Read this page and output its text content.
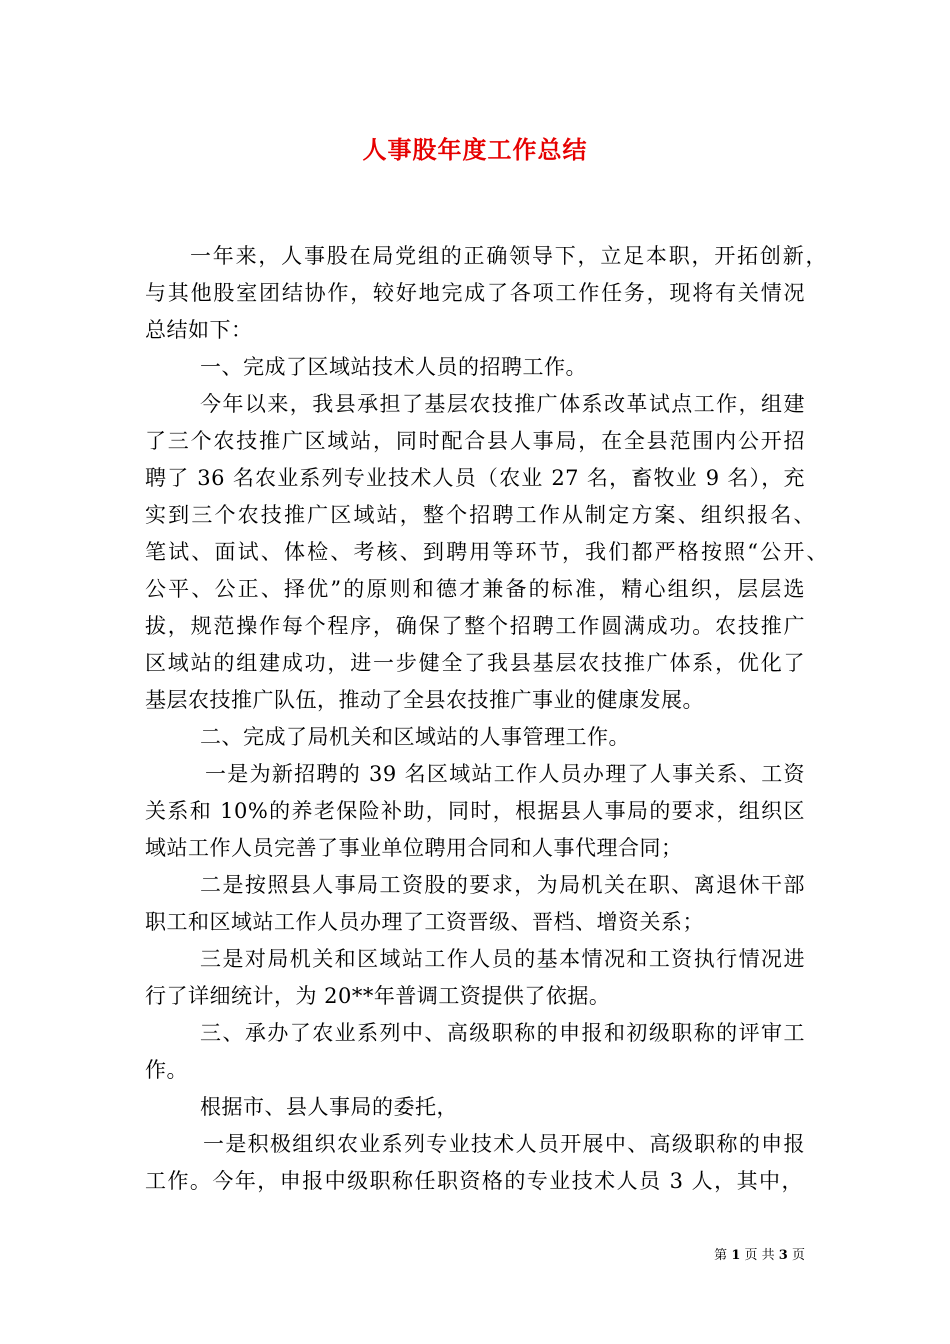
人事股年度工作总结
一年来，人事股在局党组的正确领导下，立足本职，开拓创新，
与其他股室团结协作，较好地完成了各项工作任务，现将有关情况
总结如下：
一、完成了区域站技术人员的招聘工作。
今年以来，我县承担了基层农技推广体系改革试点工作，组建
了三个农技推广区域站，同时配合县人事局，在全县范围内公开招
聘了 36 名农业系列专业技术人员（农业 27 名，畜牧业 9 名），充
实到三个农技推广区域站，整个招聘工作从制定方案、组织报名、
笔试、面试、体检、考核、到聘用等环节，我们都严格按照“公开、
公平、公正、择优”的原则和德才兼备的标准，精心组织，层层选
拔，规范操作每个程序，确保了整个招聘工作圆满成功。农技推广
区域站的组建成功，进一步健全了我县基层农技推广体系，优化了
基层农技推广队伍，推动了全县农技推广事业的健康发展。
二、完成了局机关和区域站的人事管理工作。
一是为新招聘的 39 名区域站工作人员办理了人事关系、工资
关系和 10%的养老保险补助，同时，根据县人事局的要求，组织区
域站工作人员完善了事业单位聘用合同和人事代理合同；
二是按照县人事局工资股的要求，为局机关在职、离退休干部
职工和区域站工作人员办理了工资晋级、晋档、增资关系；
三是对局机关和区域站工作人员的基本情况和工资执行情况进
行了详细统计，为 20**年普调工资提供了依据。
三、承办了农业系列中、高级职称的申报和初级职称的评审工
作。
根据市、县人事局的委托，
一是积极组织农业系列专业技术人员开展中、高级职称的申报
工作。今年，申报中级职称任职资格的专业技术人员 3 人，其中，
第 1 页 共 3 页
